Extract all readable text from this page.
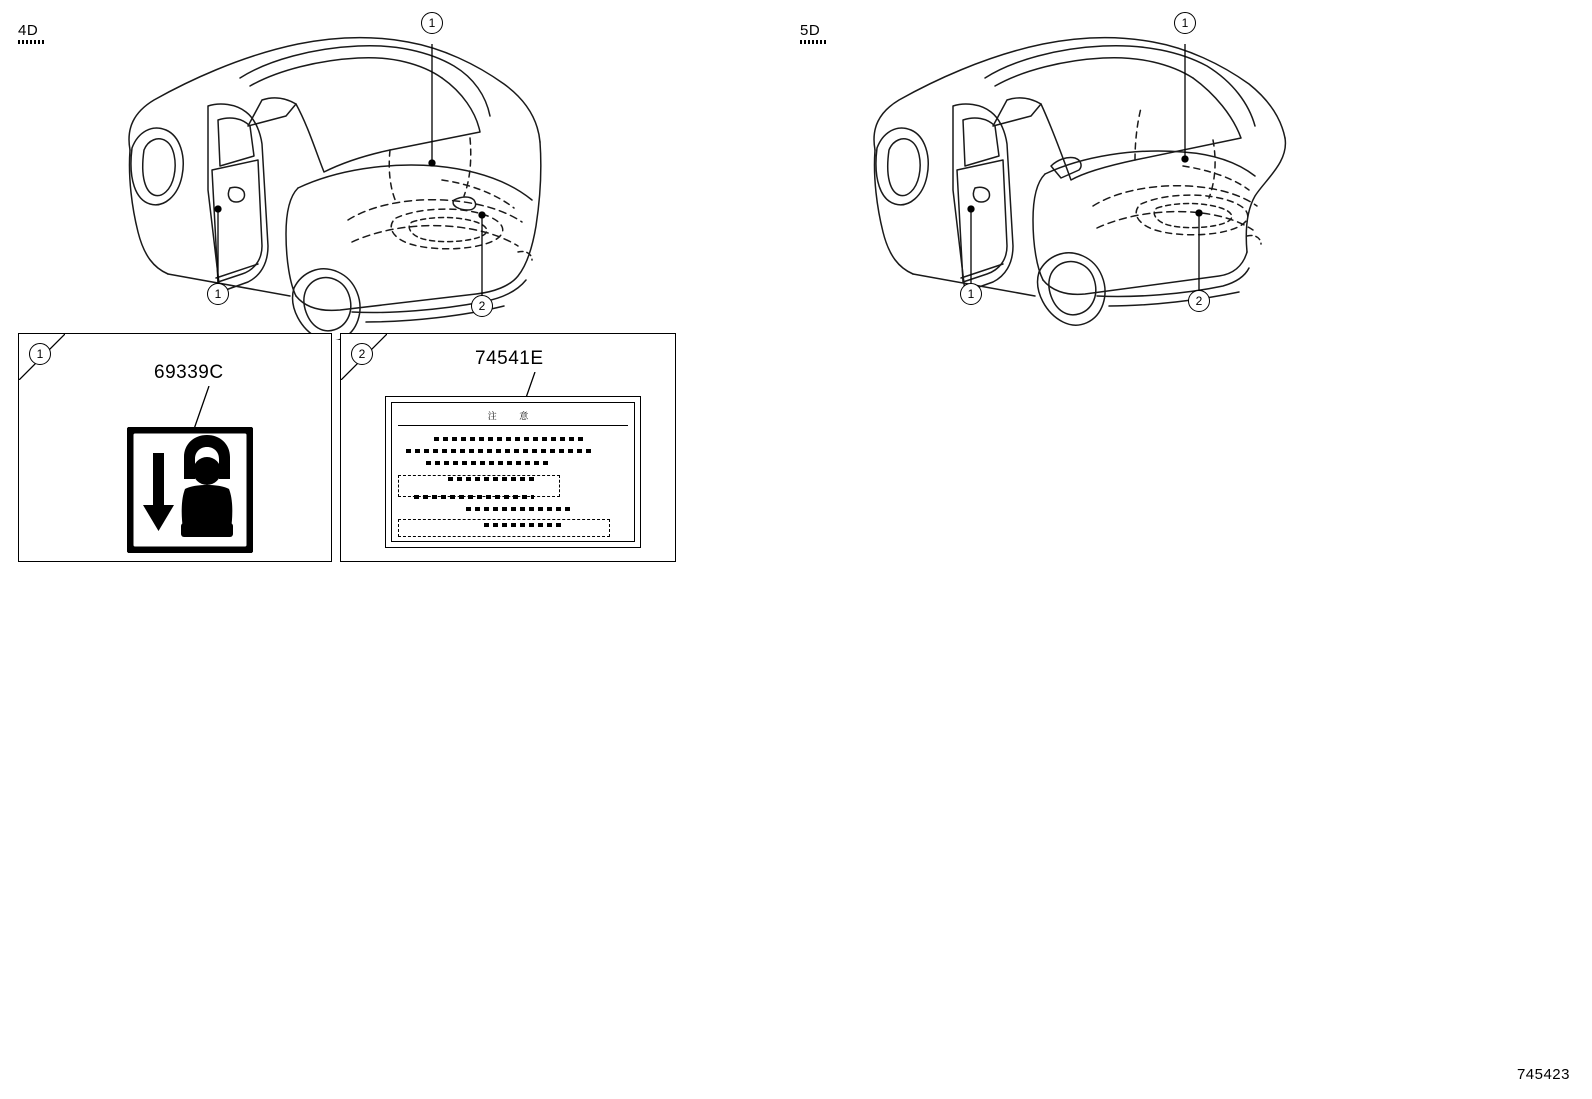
4D	1
1
2
5D	1
1	2
1
69339C
2	74541E
注 意
745423
